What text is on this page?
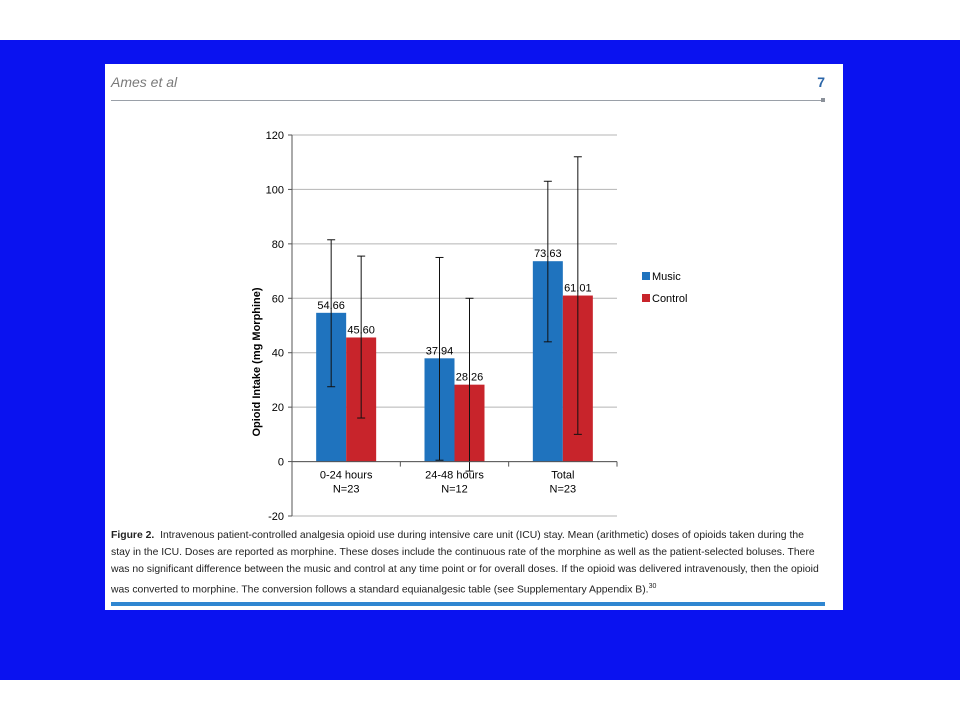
Ames et al	7
-20
0
20
40
60
80
100
120
0-24 hours
N=23
24-48 hours
N=12
Total
N=23
54.66
45.60
37.94
28.26
73.63
61.01
Music
Control
Opioid Intake (mg Morphine)
Figure 2. Intravenous patient-controlled analgesia opioid use during intensive care unit (ICU) stay. Mean (arithmetic) doses of opioids taken during the stay in the ICU. Doses are reported as morphine. These doses include the continuous rate of the morphine as well as the patient-selected boluses. There was no significant difference between the music and control at any time point or for overall doses. If the opioid was delivered intravenously, then the opioid was converted to morphine. The conversion follows a standard equianalgesic table (see Supplementary Appendix B).$^{30}$
